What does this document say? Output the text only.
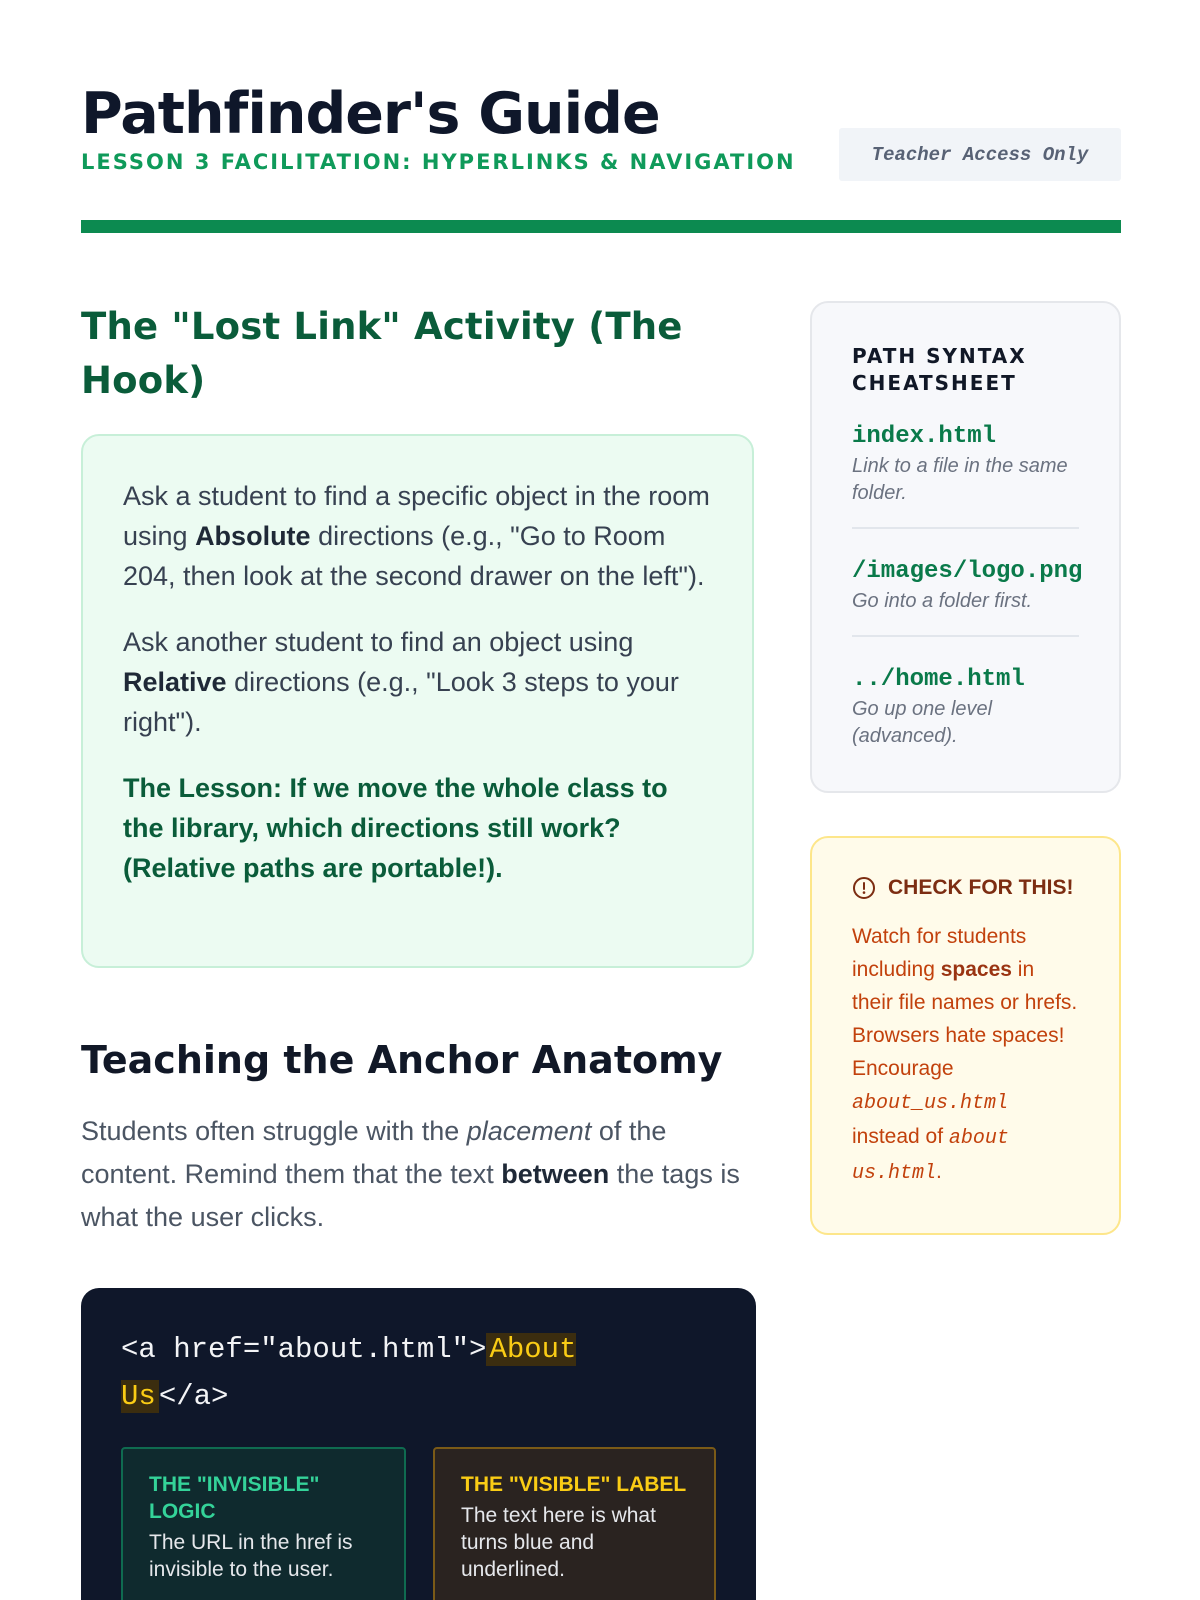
Pathfinder's Guide
LESSON 3 FACILITATION: HYPERLINKS & NAVIGATION	Teacher Access Only
The "Lost Link" Activity (The Hook)

Ask a student to find a specific object in the room using Absolute directions (e.g., "Go to Room 204, then look at the second drawer on the left").

Ask another student to find an object using Relative directions (e.g., "Look 3 steps to your right").

The Lesson: If we move the whole class to the library, which directions still work? (Relative paths are portable!).

Teaching the Anchor Anatomy

Students often struggle with the placement of the content. Remind them that the text between the tags is what the user clicks.

<a href="about.html"> About Us </a>
THE "INVISIBLE" LOGIC
The URL in the href is invisible to the user.
THE "VISIBLE" LABEL
The text here is what turns blue and underlined.
PATH SYNTAX CHEATSHEET
index.html
Link to a file in the same folder.
/images/logo.png
Go into a folder first.
../home.html
Go up one level (advanced).
CHECK FOR THIS!
Watch for students including spaces in their file names or hrefs. Browsers hate spaces! Encourage about_us.html instead of about us.html.
